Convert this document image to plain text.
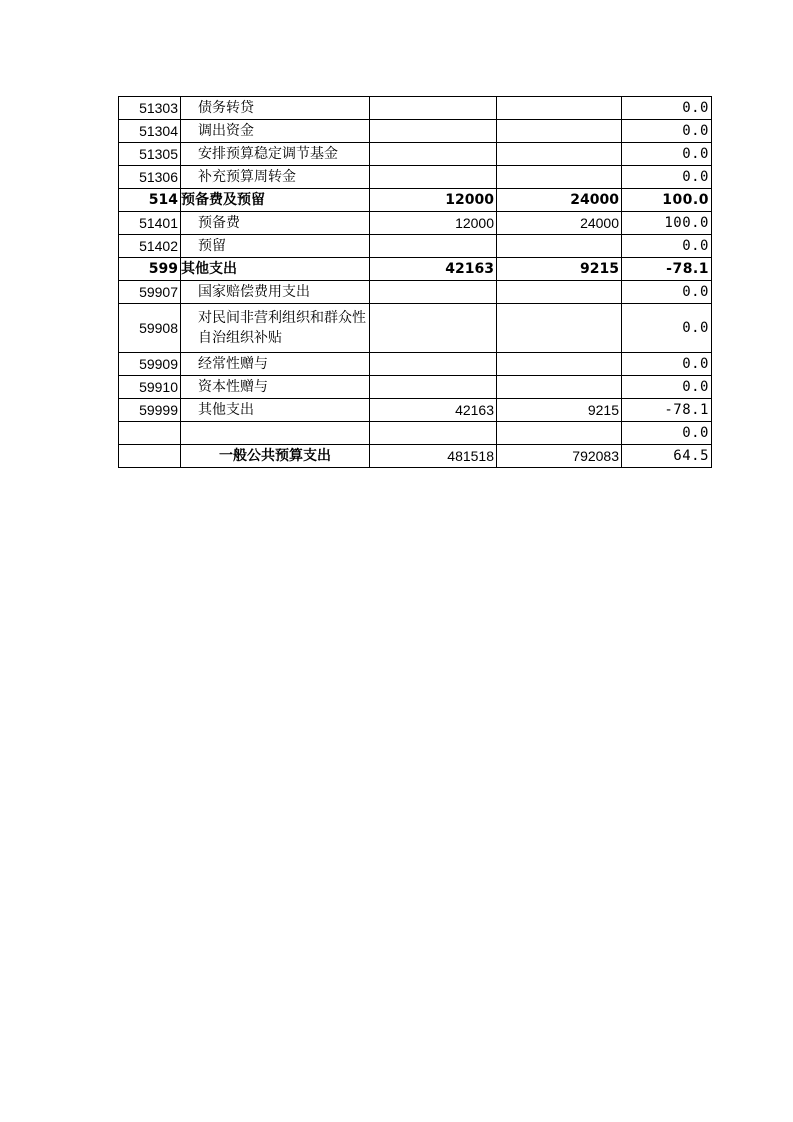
51303	债务转贷			0.0
51304	调出资金			0.0
51305	安排预算稳定调节基金			0.0
51306	补充预算周转金			0.0
514	预备费及预留	12000	24000	100.0
51401	预备费	12000	24000	100.0
51402	预留			0.0
599	其他支出	42163	9215	-78.1
59907	国家赔偿费用支出			0.0
59908	对民间非营利组织和群众性自治组织补贴			0.0
59909	经常性赠与			0.0
59910	资本性赠与			0.0
59999	其他支出	42163	9215	-78.1
				0.0
	一般公共预算支出	481518	792083	64.5
